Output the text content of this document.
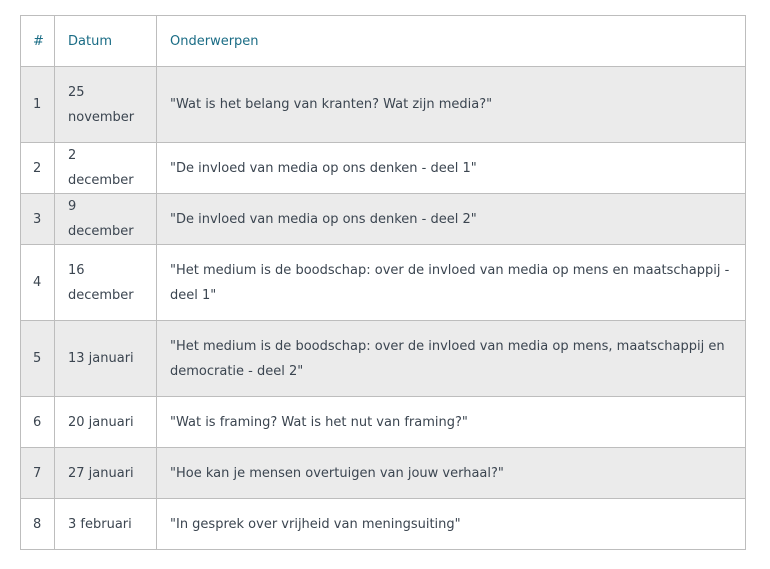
#	Datum	Onderwerpen
1	25 november	"Wat is het belang van kranten? Wat zijn media?"
2	2 december	"De invloed van media op ons denken - deel 1"
3	9 december	"De invloed van media op ons denken - deel 2"
4	16 december	"Het medium is de boodschap: over de invloed van media op mens en maatschappij - deel 1"
5	13 januari	"Het medium is de boodschap: over de invloed van media op mens, maatschappij en democratie - deel 2"
6	20 januari	"Wat is framing? Wat is het nut van framing?"
7	27 januari	"Hoe kan je mensen overtuigen van jouw verhaal?"
8	3 februari	"In gesprek over vrijheid van meningsuiting"
